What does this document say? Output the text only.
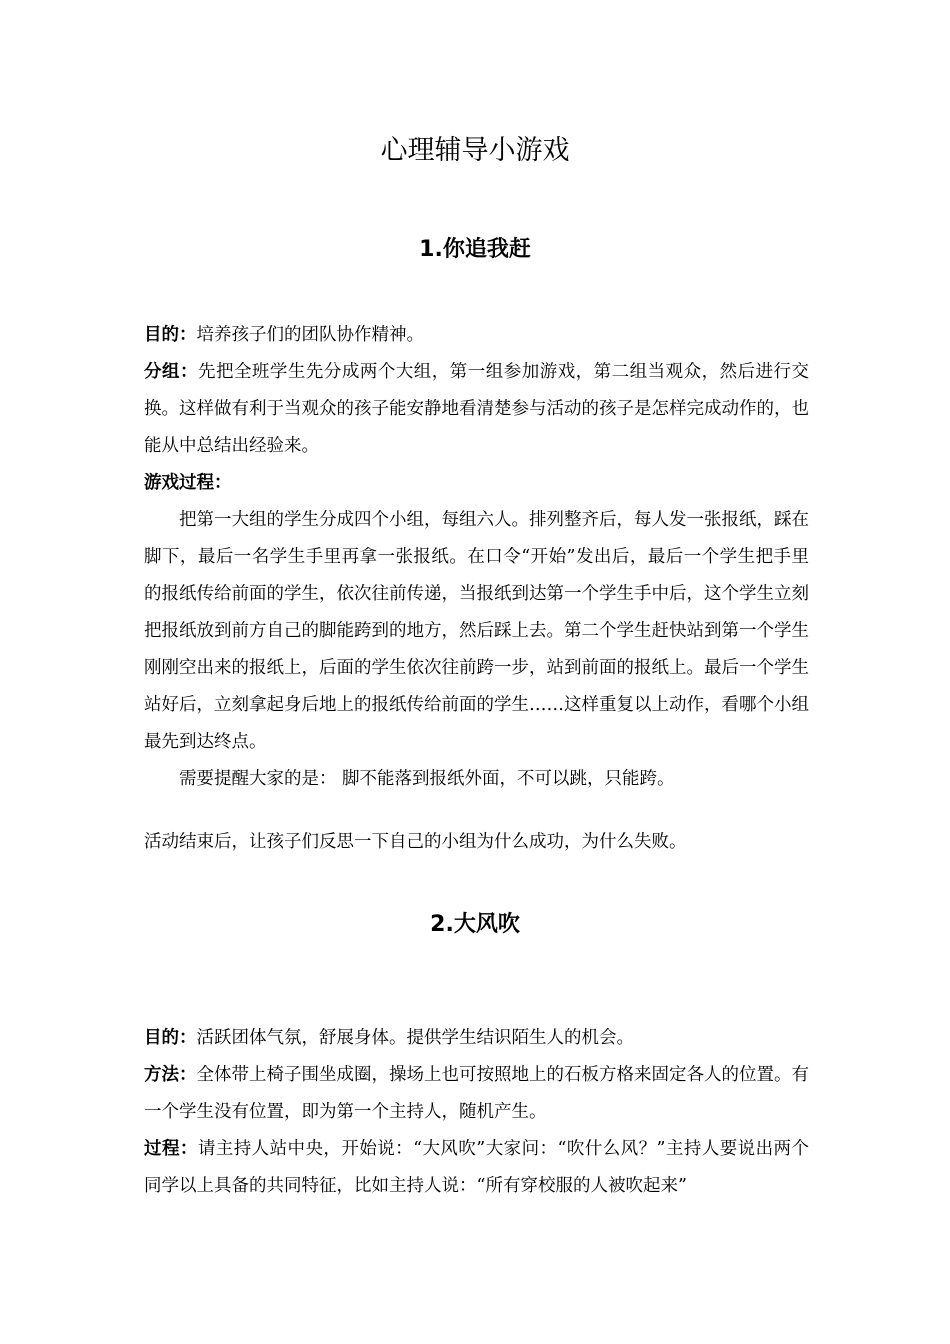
心理辅导小游戏
1.你追我赶

目的：培养孩子们的团队协作精神。

分组：先把全班学生先分成两个大组，第一组参加游戏，第二组当观众，然后进行交换。这样做有利于当观众的孩子能安静地看清楚参与活动的孩子是怎样完成动作的，也能从中总结出经验来。

游戏过程：

把第一大组的学生分成四个小组，每组六人。排列整齐后，每人发一张报纸，踩在脚下，最后一名学生手里再拿一张报纸。在口令“开始”发出后，最后一个学生把手里的报纸传给前面的学生，依次往前传递，当报纸到达第一个学生手中后，这个学生立刻把报纸放到前方自己的脚能跨到的地方，然后踩上去。第二个学生赶快站到第一个学生刚刚空出来的报纸上，后面的学生依次往前跨一步，站到前面的报纸上。最后一个学生站好后，立刻拿起身后地上的报纸传给前面的学生……这样重复以上动作，看哪个小组最先到达终点。

需要提醒大家的是： 脚不能落到报纸外面，不可以跳，只能跨。

活动结束后，让孩子们反思一下自己的小组为什么成功，为什么失败。

2.大风吹

目的：活跃团体气氛，舒展身体。提供学生结识陌生人的机会。

方法：全体带上椅子围坐成圈，操场上也可按照地上的石板方格来固定各人的位置。有一个学生没有位置，即为第一个主持人，随机产生。

过程：请主持人站中央，开始说：“大风吹”大家问：“吹什么风？”主持人要说出两个同学以上具备的共同特征，比如主持人说：“所有穿校服的人被吹起来”
